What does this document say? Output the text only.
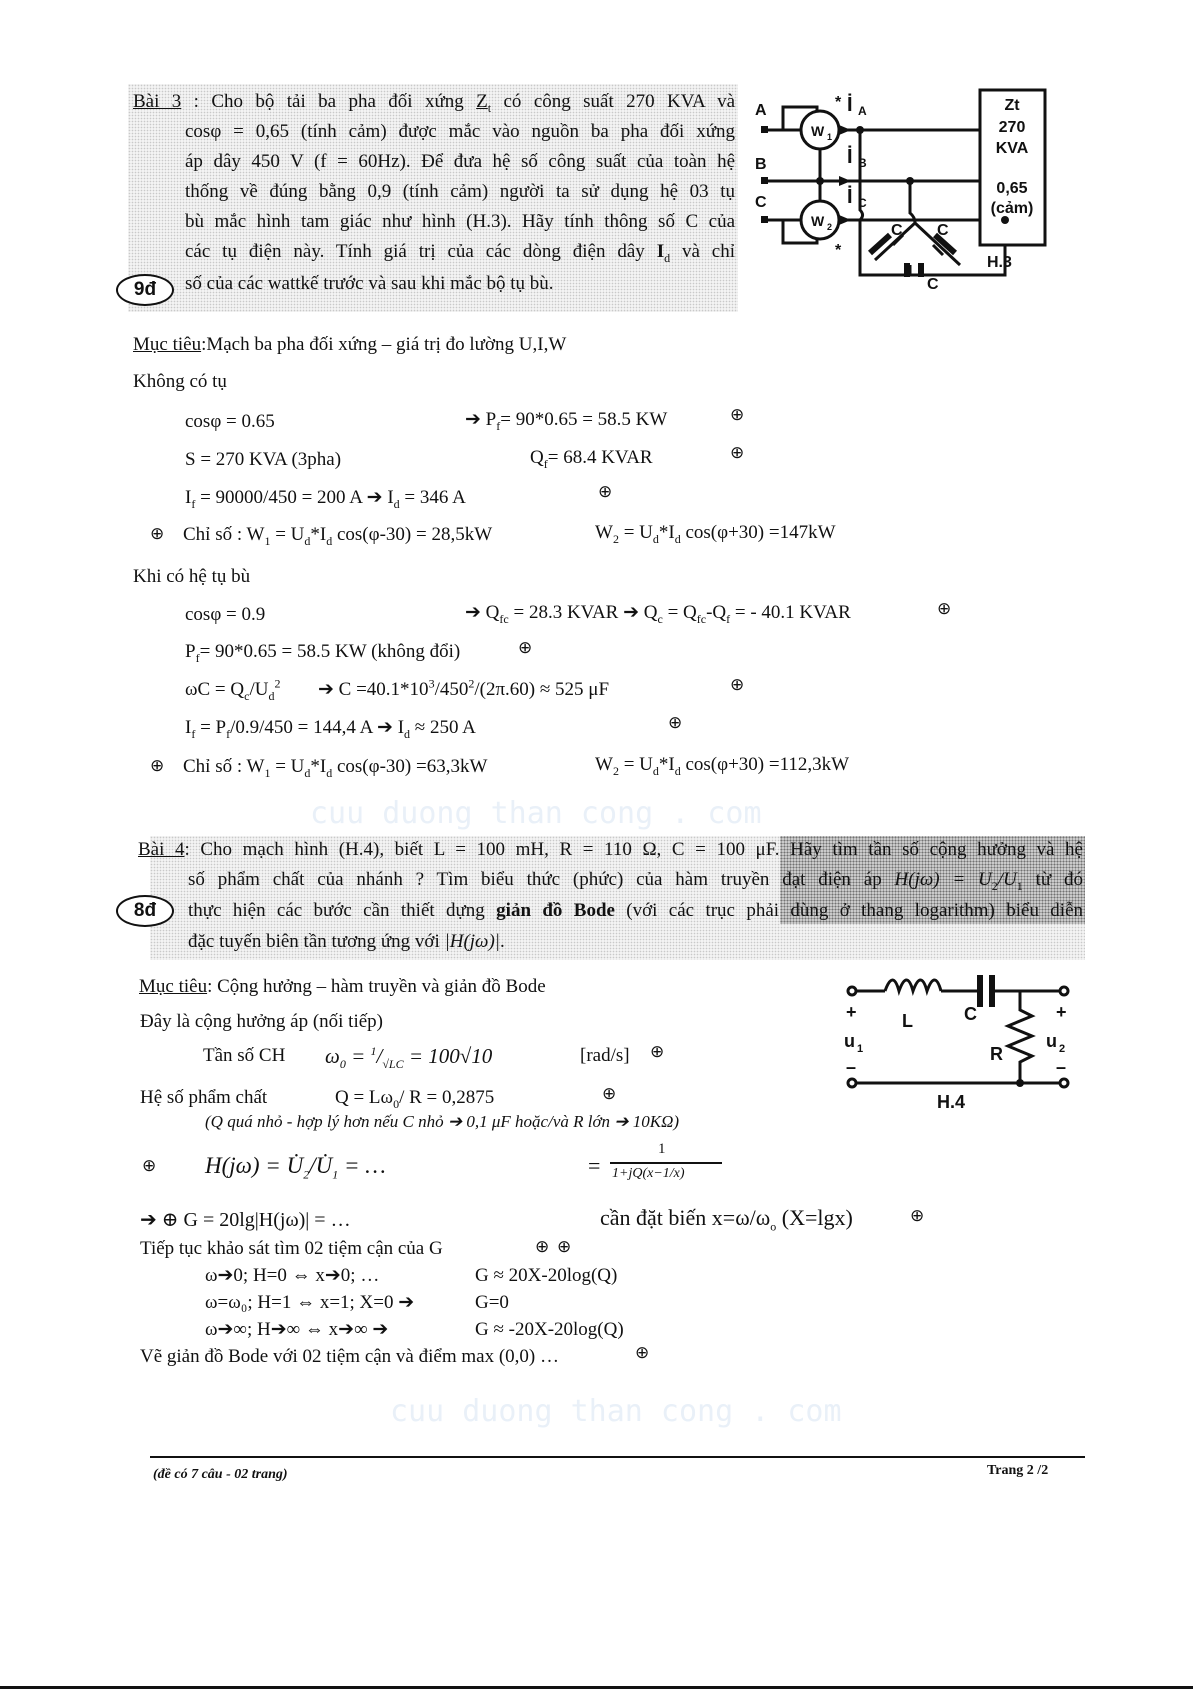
Bài 3 : Cho bộ tải ba pha đối xứng $Z_t$ có công suất 270 KVA và
cosφ = 0,65 (tính cảm) được mắc vào nguồn ba pha đối xứng
áp dây 450 V (f = 60Hz). Để đưa hệ số công suất của toàn hệ
thống về đúng bằng 0,9 (tính cảm) người ta sử dụng hệ 03 tụ
bù mắc hình tam giác như hình (H.3). Hãy tính thông số C của
các tụ điện này. Tính giá trị của các dòng điện dây $I_d$ và chỉ
số của các wattkế trước và sau khi mắc bộ tụ bù.
9đ
A
B
C
W 1
W 2
*
*
İ A
İ B
İ C
C C
C
Zt
270
KVA
0,65
(cảm)
H.3
Mục tiêu:Mạch ba pha đối xứng – giá trị đo lường U,I,W
Không có tụ
cosφ = 0.65	➔ $P_f= 90*0.65 = 58.5$ KW	⊕
S = 270 KVA (3pha)	$Q_f= 68.4$ KVAR	⊕
$I_f = 90000/450 = 200$ A ➔ $I_d = 346$ A	⊕
⊕ Chỉ số : $W_1 = U_d*I_d$ cos(φ-30) = 28,5kW	$W_2 = U_d*I_d$ cos(φ+30) =147kW
Khi có hệ tụ bù
cosφ = 0.9	➔ $Q_{fc} = 28.3$ KVAR ➔ $Q_c = Q_{fc}-Q_f$ = - 40.1 KVAR	⊕
$P_f= 90*0.65 = 58.5$ KW (không đổi)	⊕
$\omega C = Q_c/U_d^2$ ➔ $C =40.1*10^3/450^2/(2\pi.60) \approx 525$ μF	⊕
$I_f = P_f/0.9/450 = 144,4$ A ➔ $I_d \approx 250$ A	⊕
⊕ Chỉ số : $W_1 = U_d*I_d$ cos(φ-30) =63,3kW	$W_2 = U_d*I_d$ cos(φ+30) =112,3kW
cuu duong than cong . com
cuu duong than cong . com
Bài 4: Cho mạch hình (H.4), biết L = 100 mH, R = 110 Ω, C = 100 μF. Hãy tìm tần số cộng hưởng và hệ
số phẩm chất của nhánh ? Tìm biểu thức (phức) của hàm truyền đạt điện áp $H(j\omega) = U_2/U_1$ từ đó
thực hiện các bước cần thiết dựng giản đồ Bode (với các trục phải dùng ở thang logarithm) biểu diễn
đặc tuyến biên tần tương ứng với |H(jω)|.
8đ
+	+
–	–
L	C
R
u 1	u 2
H.4
Mục tiêu: Cộng hưởng – hàm truyền và giản đồ Bode
Đây là cộng hưởng áp (nối tiếp)
Tần số CH $\omega_0 = ^1/_{√LC} = 100√10$	[rad/s] ⊕
Hệ số phẩm chất	$Q = L\omega_0/$ R = 0,2875	⊕
(Q quá nhỏ - hợp lý hơn nếu C nhỏ ➔ 0,1 μF hoặc/và R lớn ➔ 10KΩ)
⊕ $H(j\omega) = U̇_2/U̇_1$ = …	=
1
1+jQ(x−1/x)
➔ ⊕ G = 20lg|H(jω)| = …	cần đặt biến $x=\omega/\omega_o$ (X=lgx)	⊕
Tiếp tục khảo sát tìm 02 tiệm cận của G	⊕ ⊕
ω➔0; H=0 ⇔ x➔0; …	G ≈ 20X-20log(Q)
ω=ω₀; H=1 ⇔ x=1; X=0 ➔	G=0
ω➔∞; H➔∞ ⇔ x➔∞ ➔	G ≈ -20X-20log(Q)
Vẽ giản đồ Bode với 02 tiệm cận và điểm max (0,0) …	⊕
(đề có 7 câu - 02 trang)	Trang 2 /2
